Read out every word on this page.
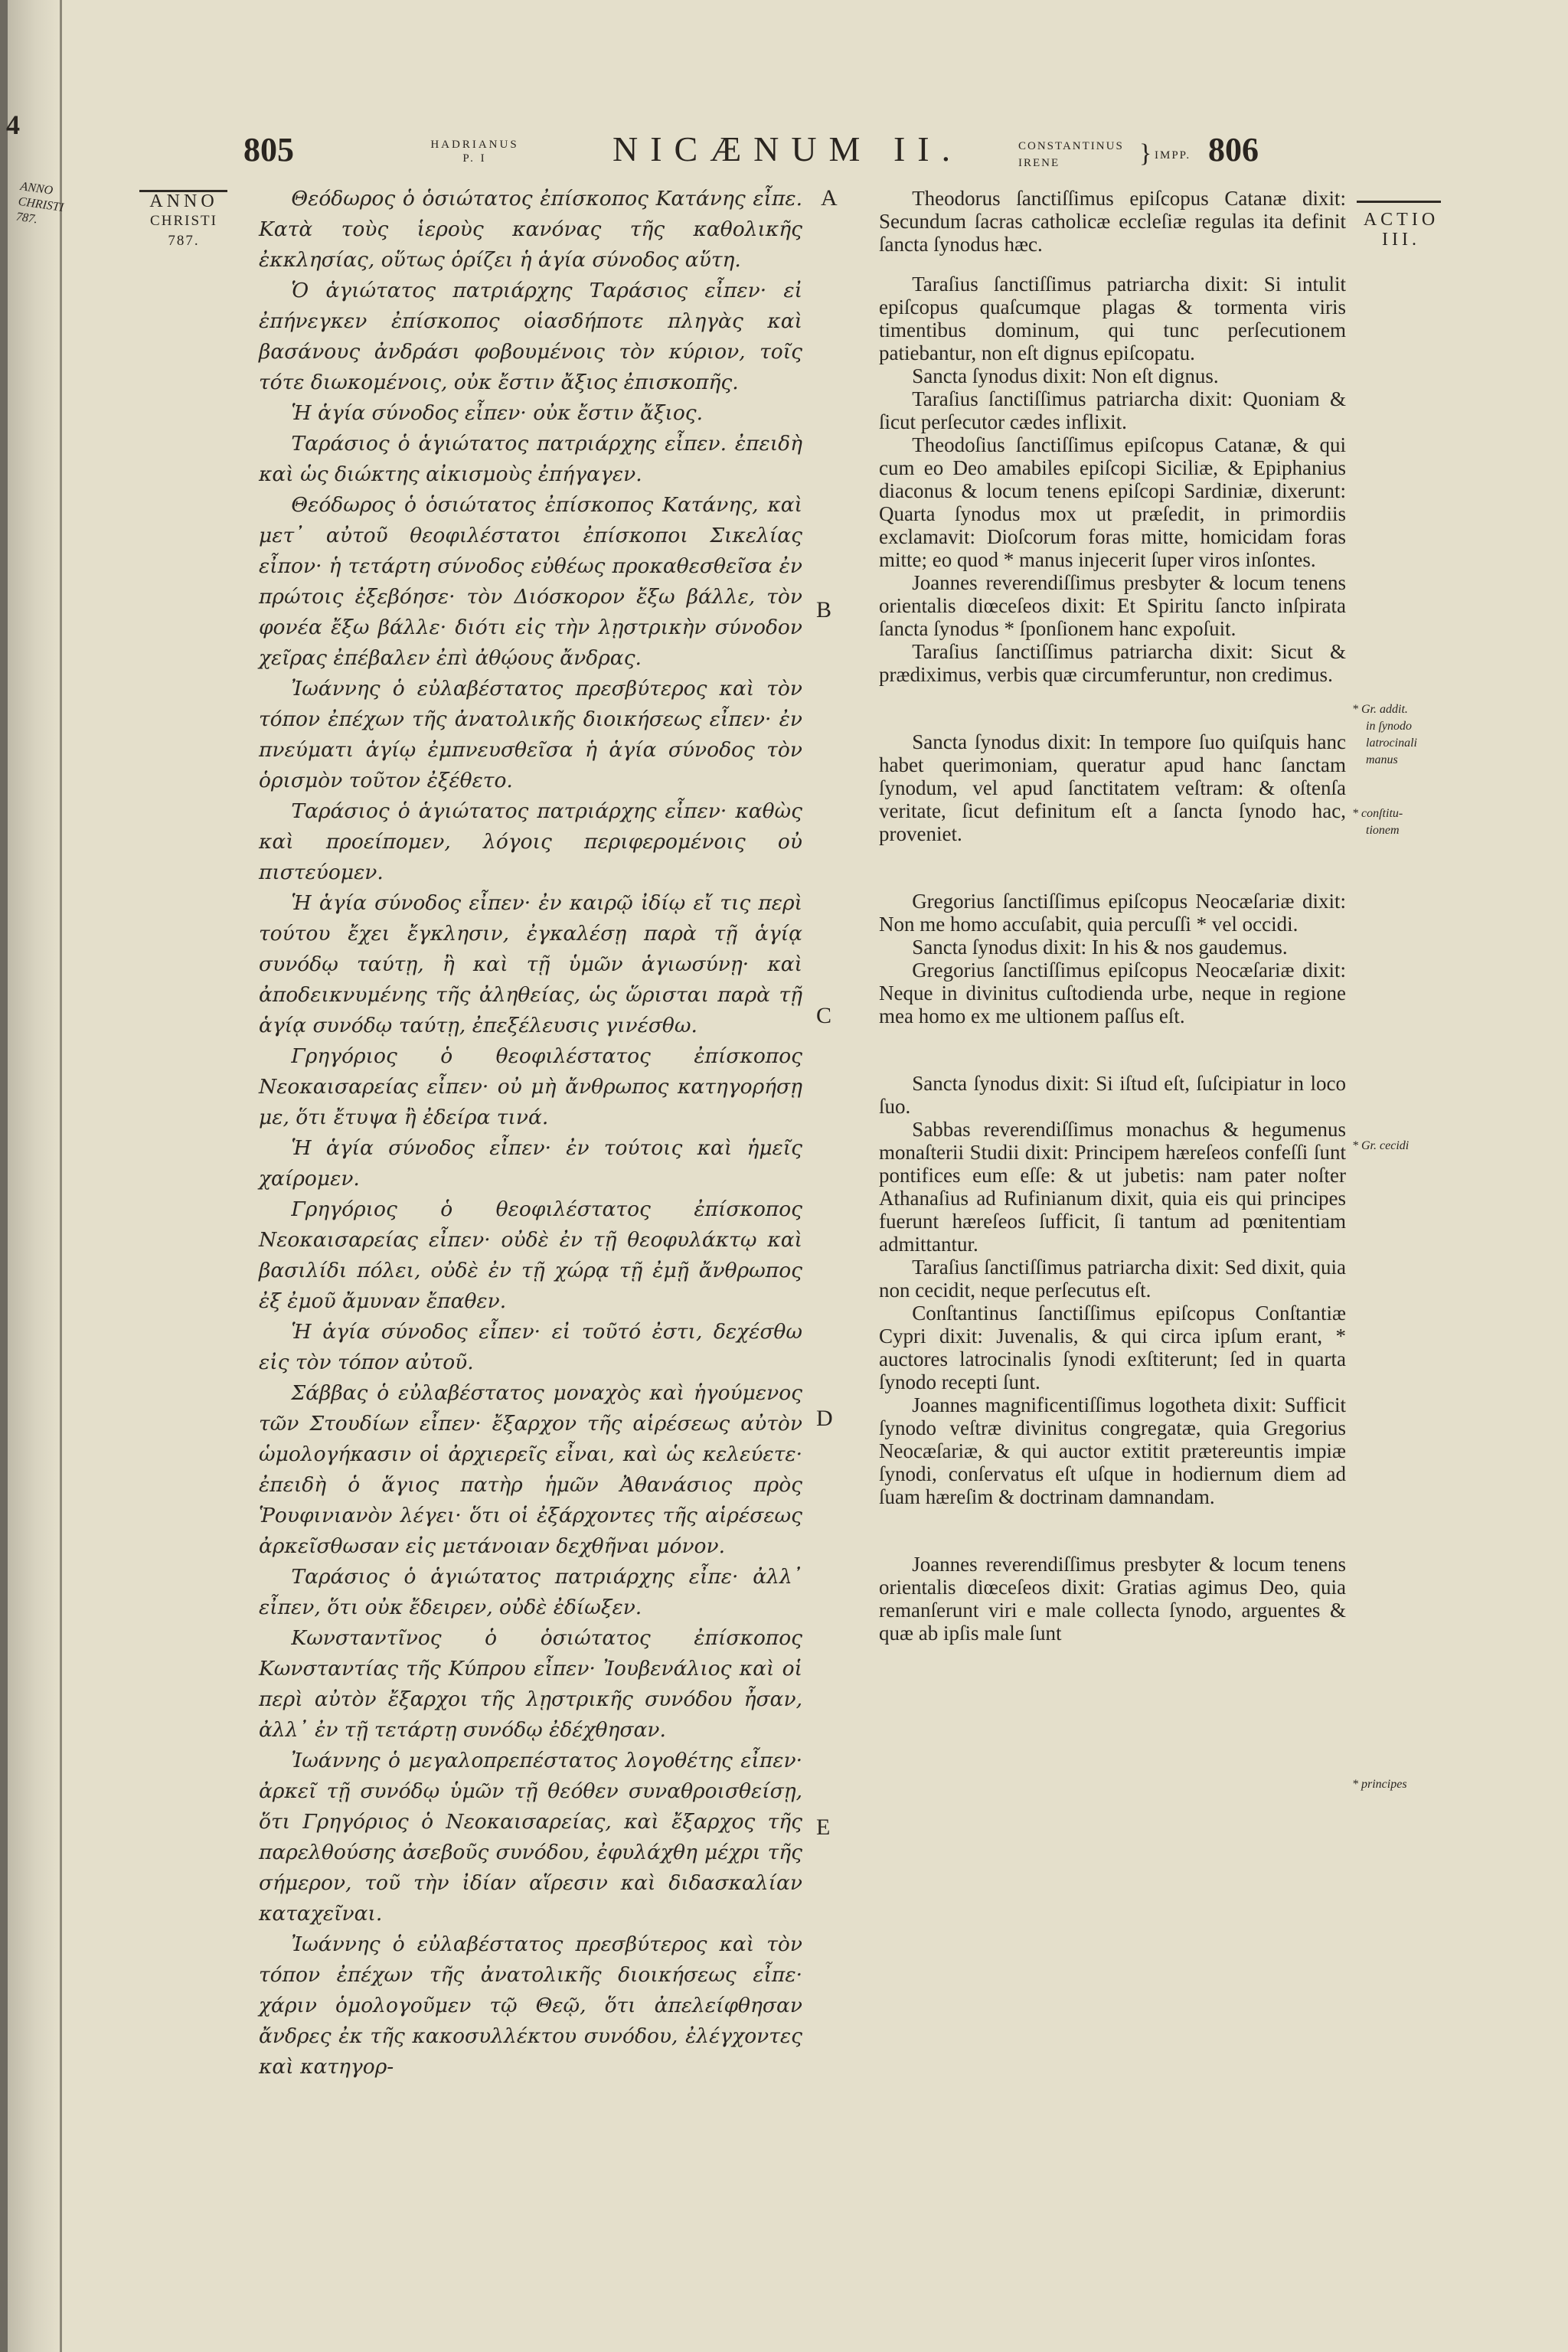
4
ANNO
CHRISTI
787.
805	HADRIANUS
P. I	NICÆNUM II.	CONSTANTINUS
IRENE	} IMPP. 806
ANNO
CHRISTI
787.
ACTIO
III.

Θεόδωρος ὁ ὁσιώτατος ἐπίσκοπος Κατάνης εἶπε. Κατὰ τοὺς ἱεροὺς κανόνας τῆς καθολικῆς ἐκκλησίας, οὕτως ὁρίζει ἡ ἁγία σύνοδος αὕτη.

Ὁ ἁγιώτατος πατριάρχης Ταράσιος εἶπεν· εἰ ἐπήνεγκεν ἐπίσκοπος οἱασδήποτε πληγὰς καὶ βασάνους ἀνδράσι φοβουμένοις τὸν κύριον, τοῖς τότε διωκομένοις, οὐκ ἔστιν ἄξιος ἐπισκοπῆς.

Ἡ ἁγία σύνοδος εἶπεν· οὐκ ἔστιν ἄξιος.

Ταράσιος ὁ ἁγιώτατος πατριάρχης εἶπεν. ἐπειδὴ καὶ ὡς διώκτης αἰκισμοὺς ἐπήγαγεν.

Θεόδωρος ὁ ὁσιώτατος ἐπίσκοπος Κατάνης, καὶ μετ᾽ αὐτοῦ θεοφιλέστατοι ἐπίσκοποι Σικελίας εἶπον· ἡ τετάρτη σύνοδος εὐθέως προκαθεσθεῖσα ἐν πρώτοις ἐξεβόησε· τὸν Διόσκορον ἔξω βάλλε, τὸν φονέα ἔξω βάλλε· διότι εἰς τὴν λῃστρικὴν σύνοδον χεῖρας ἐπέβαλεν ἐπὶ ἀθῴους ἄνδρας.

Ἰωάννης ὁ εὐλαβέστατος πρεσβύτερος καὶ τὸν τόπον ἐπέχων τῆς ἀνατολικῆς διοικήσεως εἶπεν· ἐν πνεύματι ἁγίῳ ἐμπνευσθεῖσα ἡ ἁγία σύνοδος τὸν ὁρισμὸν τοῦτον ἐξέθετο.

Ταράσιος ὁ ἁγιώτατος πατριάρχης εἶπεν· καθὼς καὶ προείπομεν, λόγοις περιφερομένοις οὐ πιστεύομεν.

Ἡ ἁγία σύνοδος εἶπεν· ἐν καιρῷ ἰδίῳ εἴ τις περὶ τούτου ἔχει ἔγκλησιν, ἐγκαλέσῃ παρὰ τῇ ἁγίᾳ συνόδῳ ταύτῃ, ἢ καὶ τῇ ὑμῶν ἁγιωσύνῃ· καὶ ἀποδεικνυμένης τῆς ἀληθείας, ὡς ὥρισται παρὰ τῇ ἁγίᾳ συνόδῳ ταύτῃ, ἐπεξέλευσις γινέσθω.

Γρηγόριος ὁ θεοφιλέστατος ἐπίσκοπος Νεοκαισαρείας εἶπεν· οὐ μὴ ἄνθρωπος κατηγορήσῃ με, ὅτι ἔτυψα ἢ ἐδείρα τινά.

Ἡ ἁγία σύνοδος εἶπεν· ἐν τούτοις καὶ ἡμεῖς χαίρομεν.

Γρηγόριος ὁ θεοφιλέστατος ἐπίσκοπος Νεοκαισαρείας εἶπεν· οὐδὲ ἐν τῇ θεοφυλάκτῳ καὶ βασιλίδι πόλει, οὐδὲ ἐν τῇ χώρᾳ τῇ ἐμῇ ἄνθρωπος ἐξ ἐμοῦ ἄμυναν ἔπαθεν.

Ἡ ἁγία σύνοδος εἶπεν· εἰ τοῦτό ἐστι, δεχέσθω εἰς τὸν τόπον αὐτοῦ.

Σάββας ὁ εὐλαβέστατος μοναχὸς καὶ ἡγούμενος τῶν Στουδίων εἶπεν· ἔξαρχον τῆς αἱρέσεως αὐτὸν ὡμολογήκασιν οἱ ἀρχιερεῖς εἶναι, καὶ ὡς κελεύετε· ἐπειδὴ ὁ ἅγιος πατὴρ ἡμῶν Ἀθανάσιος πρὸς Ῥουφινιανὸν λέγει· ὅτι οἱ ἐξάρχοντες τῆς αἱρέσεως ἀρκεῖσθωσαν εἰς μετάνοιαν δεχθῆναι μόνον.

Ταράσιος ὁ ἁγιώτατος πατριάρχης εἶπε· ἀλλ᾽ εἶπεν, ὅτι οὐκ ἔδειρεν, οὐδὲ ἐδίωξεν.

Κωνσταντῖνος ὁ ὁσιώτατος ἐπίσκοπος Κωνσταντίας τῆς Κύπρου εἶπεν· Ἰουβενάλιος καὶ οἱ περὶ αὐτὸν ἔξαρχοι τῆς λῃστρικῆς συνόδου ἦσαν, ἀλλ᾽ ἐν τῇ τετάρτῃ συνόδῳ ἐδέχθησαν.

Ἰωάννης ὁ μεγαλοπρεπέστατος λογοθέτης εἶπεν· ἀρκεῖ τῇ συνόδῳ ὑμῶν τῇ θεόθεν συναθροισθείσῃ, ὅτι Γρηγόριος ὁ Νεοκαισαρείας, καὶ ἔξαρχος τῆς παρελθούσης ἀσεβοῦς συνόδου, ἐφυλάχθη μέχρι τῆς σήμερον, τοῦ τὴν ἰδίαν αἵρεσιν καὶ διδασκαλίαν καταχεῖναι.

Ἰωάννης ὁ εὐλαβέστατος πρεσβύτερος καὶ τὸν τόπον ἐπέχων τῆς ἀνατολικῆς διοικήσεως εἶπε· χάριν ὁμολογοῦμεν τῷ Θεῷ, ὅτι ἀπελείφθησαν ἄνδρες ἐκ τῆς κακοσυλλέκτου συνόδου, ἐλέγχοντες καὶ κατηγορ-

A
B
C
D
E

Theodorus ſanctiſſimus epiſcopus Catanæ dixit: Secundum ſacras catholicæ eccleſiæ regulas ita definit ſancta ſynodus hæc.

Taraſius ſanctiſſimus patriarcha dixit: Si intulit epiſcopus quaſcumque plagas & tormenta viris timentibus dominum, qui tunc perſecutionem patiebantur, non eſt dignus epiſcopatu.

Sancta ſynodus dixit: Non eſt dignus.

Taraſius ſanctiſſimus patriarcha dixit: Quoniam & ſicut perſecutor cædes inflixit.

Theodoſius ſanctiſſimus epiſcopus Catanæ, & qui cum eo Deo amabiles epiſcopi Siciliæ, & Epiphanius diaconus & locum tenens epiſcopi Sardiniæ, dixerunt: Quarta ſynodus mox ut præſedit, in primordiis exclamavit: Dioſcorum foras mitte, homicidam foras mitte; eo quod * manus injecerit ſuper viros inſontes.

Joannes reverendiſſimus presbyter & locum tenens orientalis diœceſeos dixit: Et Spiritu ſancto inſpirata ſancta ſynodus * ſponſionem hanc expoſuit.

Taraſius ſanctiſſimus patriarcha dixit: Sicut & prædiximus, verbis quæ circumferuntur, non credimus.

Sancta ſynodus dixit: In tempore ſuo quiſquis hanc habet querimoniam, queratur apud hanc ſanctam ſynodum, vel apud ſanctitatem veſtram: & oſtenſa veritate, ſicut definitum eſt a ſancta ſynodo hac, proveniet.

Gregorius ſanctiſſimus epiſcopus Neocæſariæ dixit: Non me homo accuſabit, quia percuſſi * vel occidi.

Sancta ſynodus dixit: In his & nos gaudemus.

Gregorius ſanctiſſimus epiſcopus Neocæſariæ dixit: Neque in divinitus cuſtodienda urbe, neque in regione mea homo ex me ultionem paſſus eſt.

Sancta ſynodus dixit: Si iſtud eſt, ſuſcipiatur in loco ſuo.

Sabbas reverendiſſimus monachus & hegumenus monaſterii Studii dixit: Principem hæreſeos confeſſi ſunt pontifices eum eſſe: & ut jubetis: nam pater noſter Athanaſius ad Rufinianum dixit, quia eis qui principes fuerunt hæreſeos ſufficit, ſi tantum ad pœnitentiam admittantur.

Taraſius ſanctiſſimus patriarcha dixit: Sed dixit, quia non cecidit, neque perſecutus eſt.

Conſtantinus ſanctiſſimus epiſcopus Conſtantiæ Cypri dixit: Juvenalis, & qui circa ipſum erant, * auctores latrocinalis ſynodi exſtiterunt; ſed in quarta ſynodo recepti ſunt.

Joannes magnificentiſſimus logotheta dixit: Sufficit ſynodo veſtræ divinitus congregatæ, quia Gregorius Neocæſariæ, & qui auctor extitit prætereuntis impiæ ſynodi, conſervatus eſt uſque in hodiernum diem ad ſuam hæreſim & doctrinam damnandam.

Joannes reverendiſſimus presbyter & locum tenens orientalis diœceſeos dixit: Gratias agimus Deo, quia remanſerunt viri e male collecta ſynodo, arguentes & quæ ab ipſis male ſunt

* Gr. addit.
in ſynodo
latrocinali
manus
* conſtitu-
tionem
* Gr. cecidi
* principes
